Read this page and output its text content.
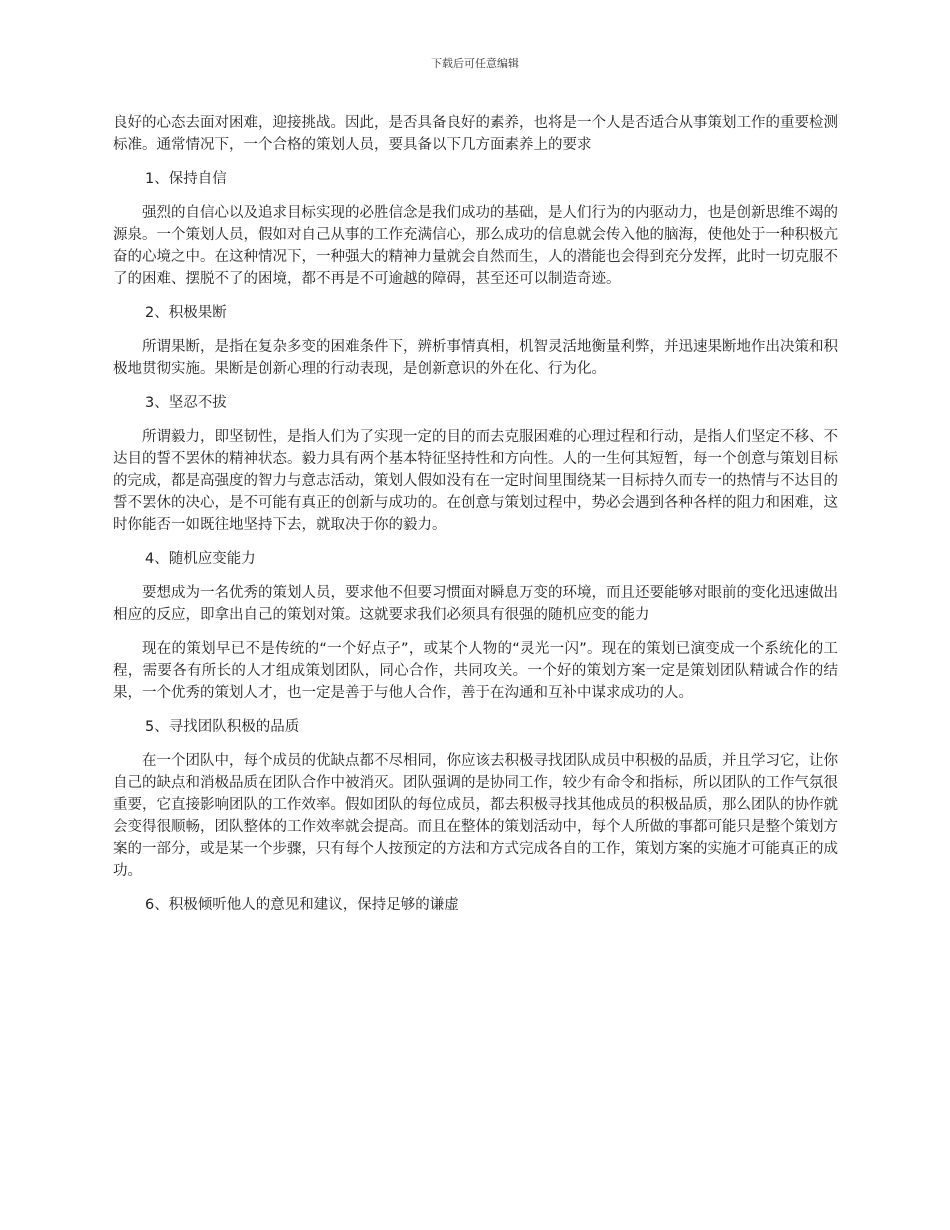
下载后可任意编辑

良好的心态去面对困难，迎接挑战。因此，是否具备良好的素养，也将是一个人是否适合从事策划工作的重要检测标准。通常情况下，一个合格的策划人员，要具备以下几方面素养上的要求

1、保持自信

强烈的自信心以及追求目标实现的必胜信念是我们成功的基础，是人们行为的内驱动力，也是创新思维不竭的源泉。一个策划人员，假如对自己从事的工作充满信心，那么成功的信息就会传入他的脑海，使他处于一种积极亢奋的心境之中。在这种情况下，一种强大的精神力量就会自然而生，人的潜能也会得到充分发挥，此时一切克服不了的困难、摆脱不了的困境，都不再是不可逾越的障碍，甚至还可以制造奇迹。

2、积极果断

所谓果断，是指在复杂多变的困难条件下，辨析事情真相，机智灵活地衡量利弊，并迅速果断地作出决策和积极地贯彻实施。果断是创新心理的行动表现，是创新意识的外在化、行为化。

3、坚忍不拔

所谓毅力，即坚韧性，是指人们为了实现一定的目的而去克服困难的心理过程和行动，是指人们坚定不移、不达目的誓不罢休的精神状态。毅力具有两个基本特征坚持性和方向性。人的一生何其短暂，每一个创意与策划目标的完成，都是高强度的智力与意志活动，策划人假如没有在一定时间里围绕某一目标持久而专一的热情与不达目的誓不罢休的决心，是不可能有真正的创新与成功的。在创意与策划过程中，势必会遇到各种各样的阻力和困难，这时你能否一如既往地坚持下去，就取决于你的毅力。

4、随机应变能力

要想成为一名优秀的策划人员，要求他不但要习惯面对瞬息万变的环境，而且还要能够对眼前的变化迅速做出相应的反应，即拿出自己的策划对策。这就要求我们必须具有很强的随机应变的能力

现在的策划早已不是传统的“一个好点子”，或某个人物的“灵光一闪”。现在的策划已演变成一个系统化的工程，需要各有所长的人才组成策划团队，同心合作，共同攻关。一个好的策划方案一定是策划团队精诚合作的结果，一个优秀的策划人才，也一定是善于与他人合作，善于在沟通和互补中谋求成功的人。

5、寻找团队积极的品质

在一个团队中，每个成员的优缺点都不尽相同，你应该去积极寻找团队成员中积极的品质，并且学习它，让你自己的缺点和消极品质在团队合作中被消灭。团队强调的是协同工作，较少有命令和指标，所以团队的工作气氛很重要，它直接影响团队的工作效率。假如团队的每位成员，都去积极寻找其他成员的积极品质，那么团队的协作就会变得很顺畅，团队整体的工作效率就会提高。而且在整体的策划活动中，每个人所做的事都可能只是整个策划方案的一部分，或是某一个步骤，只有每个人按预定的方法和方式完成各自的工作，策划方案的实施才可能真正的成功。

6、积极倾听他人的意见和建议，保持足够的谦虚
